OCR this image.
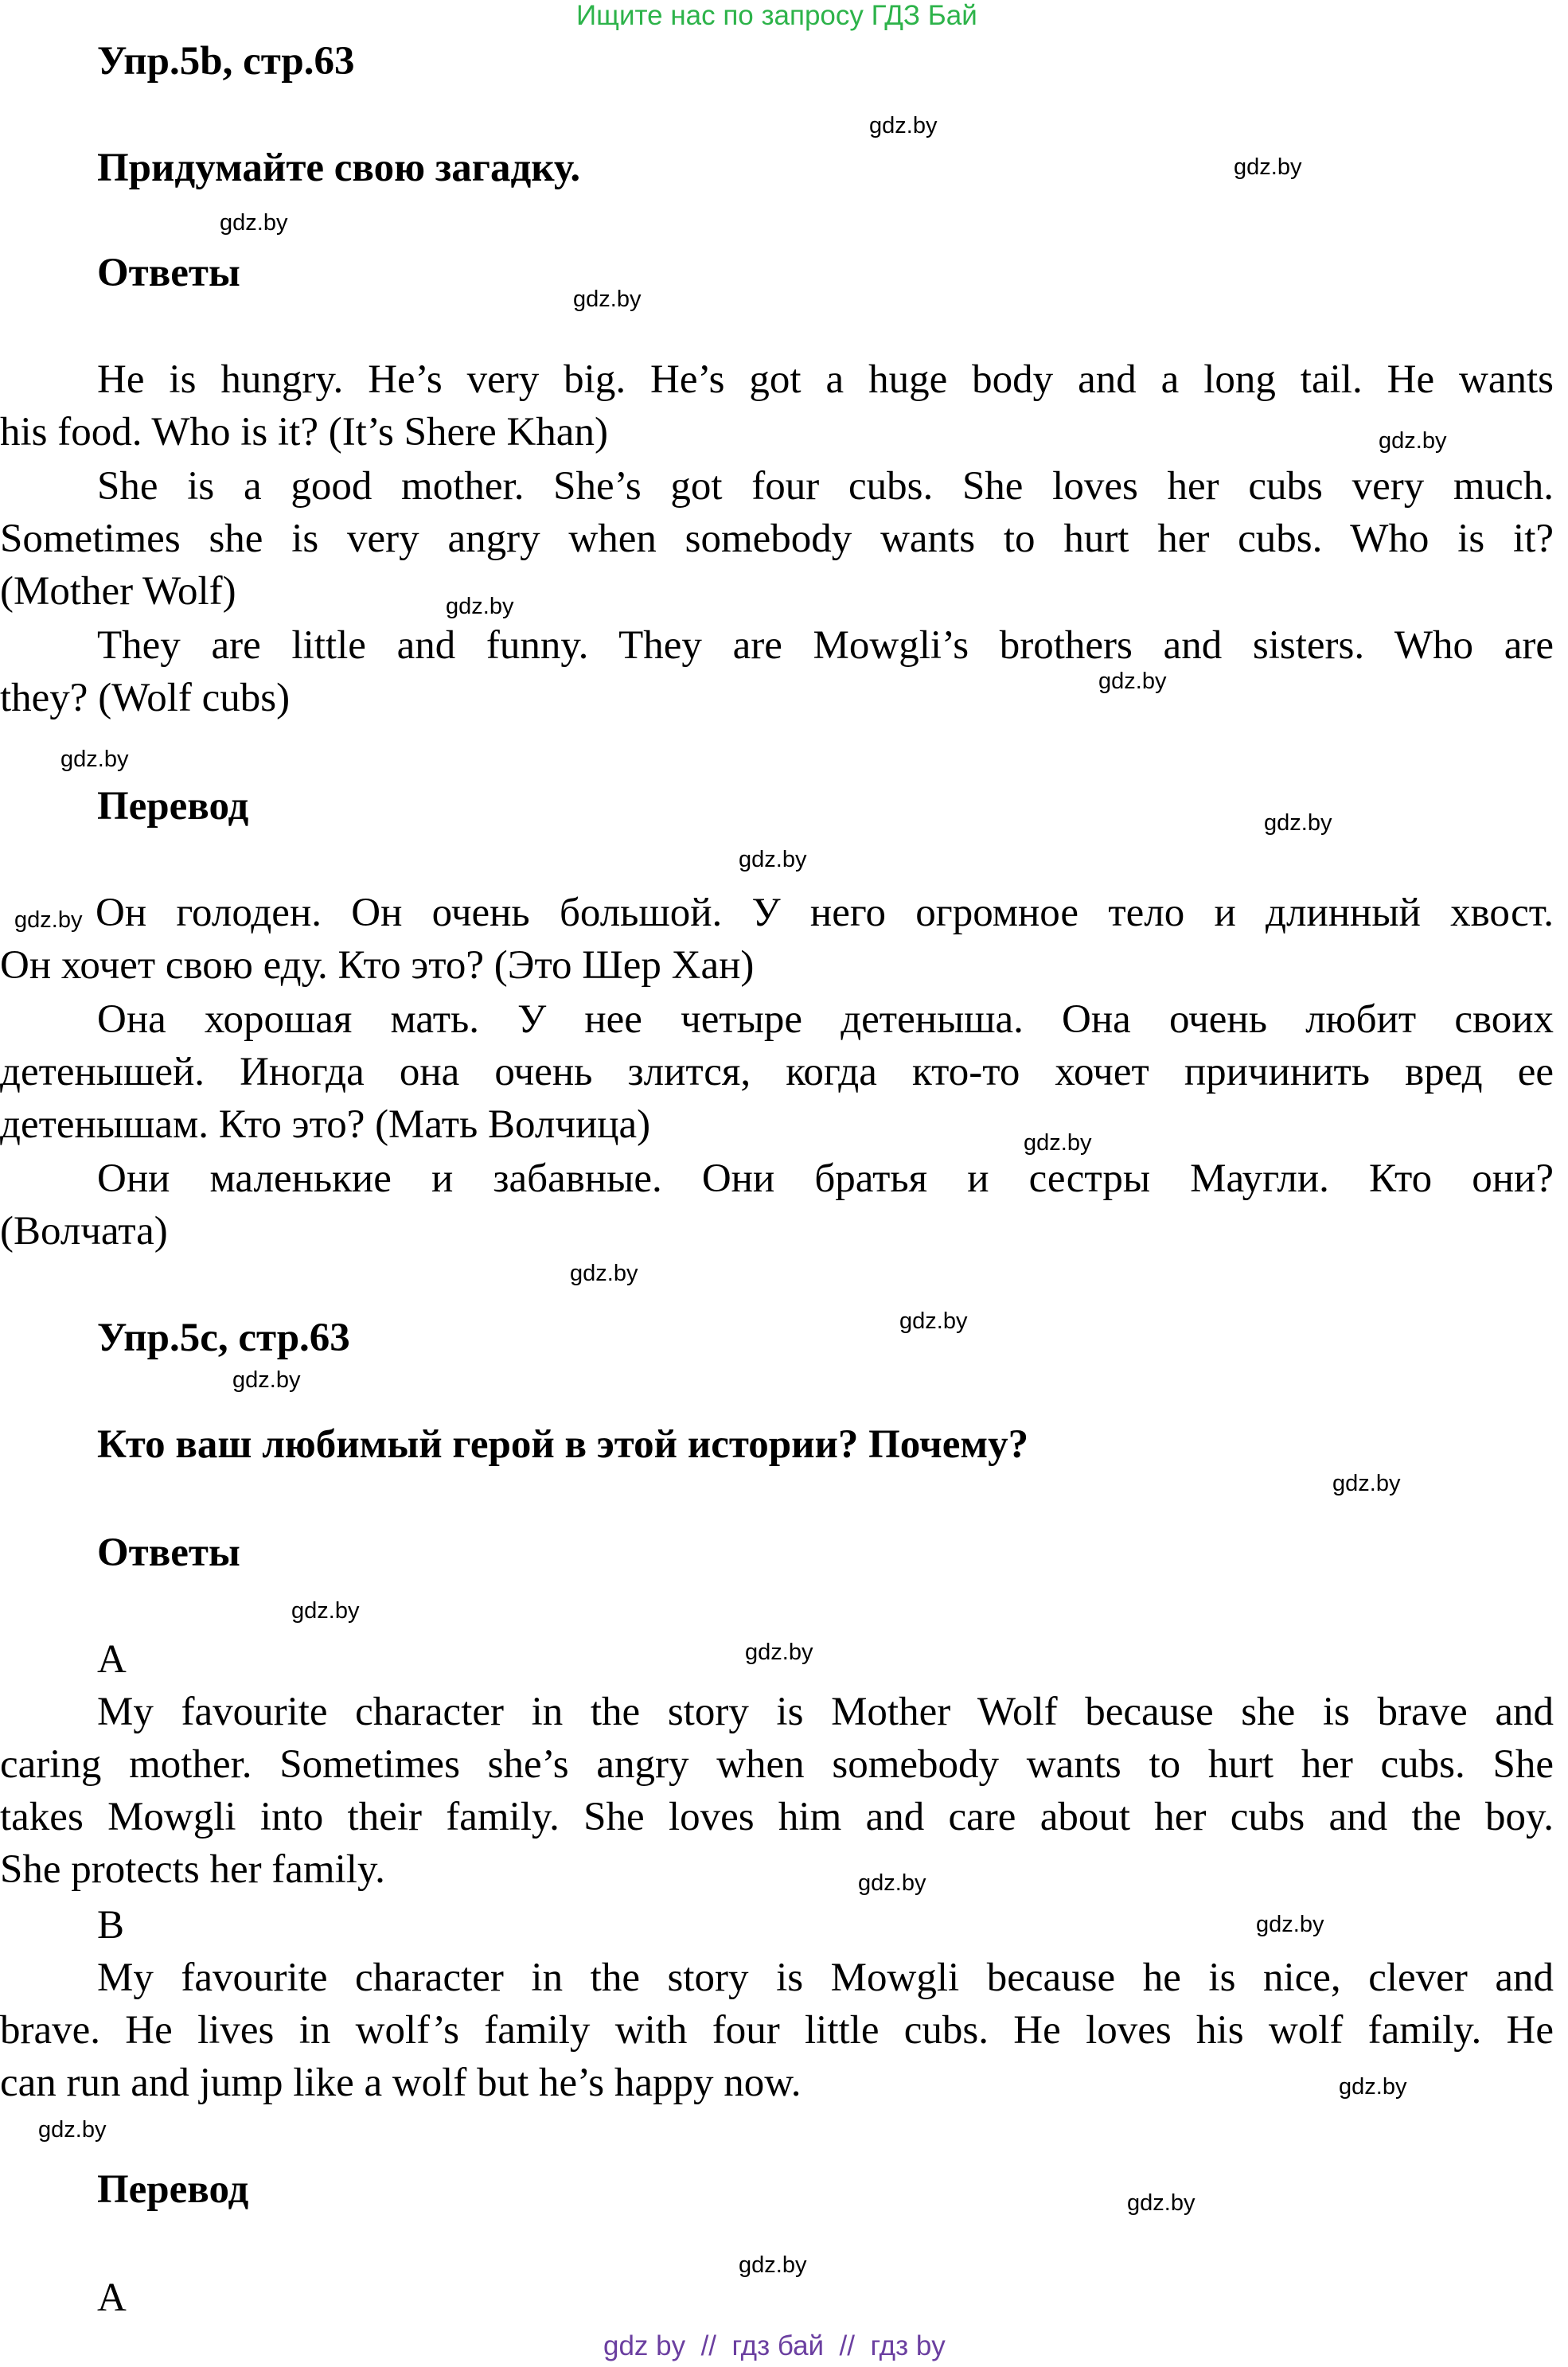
Ищите нас по запросу ГДЗ Бай
Упр.5b, стр.63
Придумайте свою загадку.
Ответы
He is hungry. He’s very big. He’s got a huge body and a long tail. He wants
his food. Who is it? (It’s Shere Khan)
She is a good mother. She’s got four cubs. She loves her cubs very much.
Sometimes she is very angry when somebody wants to hurt her cubs. Who is it?
(Mother Wolf)
They are little and funny. They are Mowgli’s brothers and sisters. Who are
they? (Wolf cubs)
Перевод
Он голоден. Он очень большой. У него огромное тело и длинный хвост.
Он хочет свою еду. Кто это? (Это Шер Хан)
Она хорошая мать. У нее четыре детеныша. Она очень любит своих
детенышей. Иногда она очень злится, когда кто-то хочет причинить вред ее
детенышам. Кто это? (Мать Волчица)
Они маленькие и забавные. Они братья и сестры Маугли. Кто они?
(Волчата)
Упр.5c, стр.63
Кто ваш любимый герой в этой истории? Почему?
Ответы
A
My favourite character in the story is Mother Wolf because she is brave and
caring mother. Sometimes she’s angry when somebody wants to hurt her cubs. She
takes Mowgli into their family. She loves him and care about her cubs and the boy.
She protects her family.
B
My favourite character in the story is Mowgli because he is nice, clever and
brave. He lives in wolf’s family with four little cubs. He loves his wolf family. He
can run and jump like a wolf but he’s happy now.
Перевод
A
gdz.by
gdz.by
gdz.by
gdz.by
gdz.by
gdz.by
gdz.by
gdz.by
gdz.by
gdz.by
gdz.by
gdz.by
gdz.by
gdz.by
gdz.by
gdz.by
gdz.by
gdz.by
gdz.by
gdz.by
gdz.by
gdz.by
gdz.by
gdz.by
gdz by  //  гдз бай  //  гдз by
